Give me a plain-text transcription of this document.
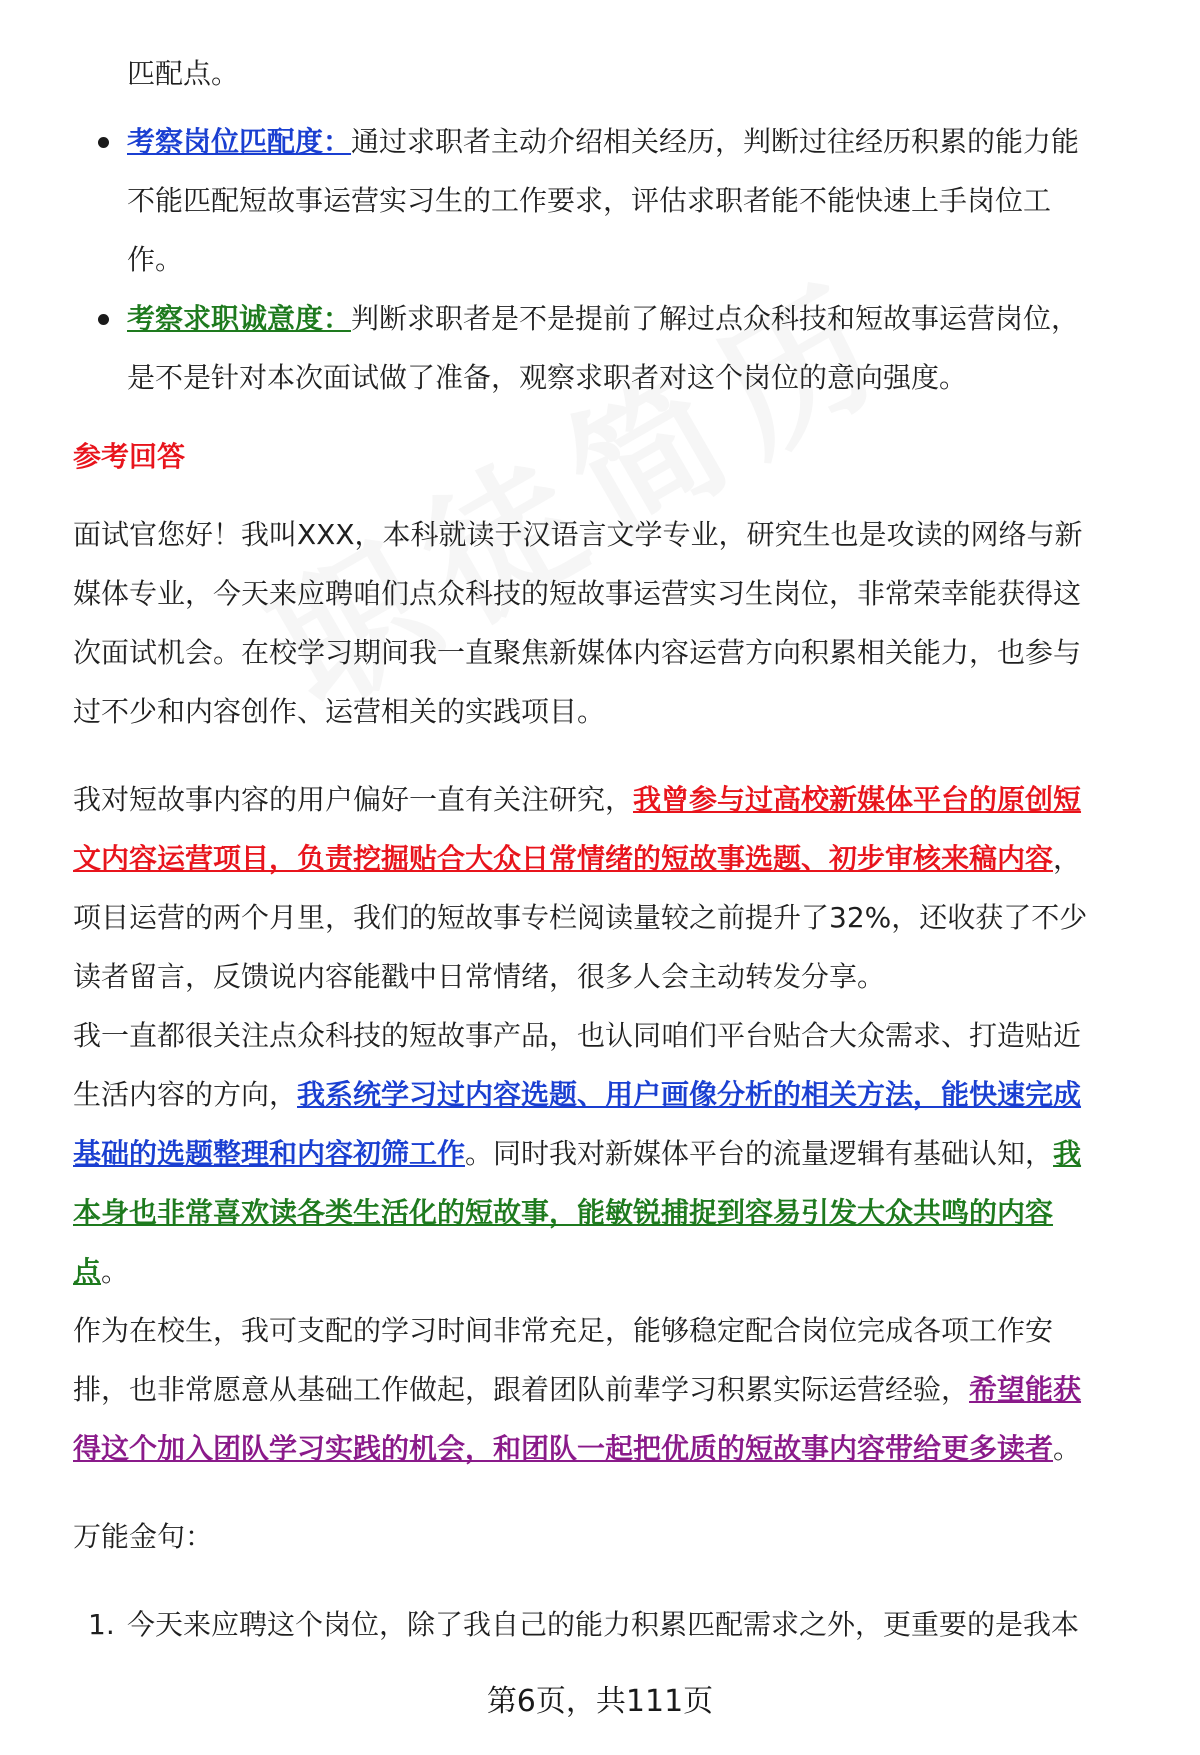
匹配点。
考察岗位匹配度：通过求职者主动介绍相关经历，判断过往经历积累的能力能
不能匹配短故事运营实习生的工作要求，评估求职者能不能快速上手岗位工
作。
考察求职诚意度：判断求职者是不是提前了解过点众科技和短故事运营岗位，
是不是针对本次面试做了准备，观察求职者对这个岗位的意向强度。
参考回答
面试官您好！我叫XXX，本科就读于汉语言文学专业，研究生也是攻读的网络与新
媒体专业，今天来应聘咱们点众科技的短故事运营实习生岗位，非常荣幸能获得这
次面试机会。在校学习期间我一直聚焦新媒体内容运营方向积累相关能力，也参与
过不少和内容创作、运营相关的实践项目。
我对短故事内容的用户偏好一直有关注研究，我曾参与过高校新媒体平台的原创短
文内容运营项目，负责挖掘贴合大众日常情绪的短故事选题、初步审核来稿内容，
项目运营的两个月里，我们的短故事专栏阅读量较之前提升了32%，还收获了不少
读者留言，反馈说内容能戳中日常情绪，很多人会主动转发分享。
我一直都很关注点众科技的短故事产品，也认同咱们平台贴合大众需求、打造贴近
生活内容的方向，我系统学习过内容选题、用户画像分析的相关方法，能快速完成
基础的选题整理和内容初筛工作。同时我对新媒体平台的流量逻辑有基础认知，我
本身也非常喜欢读各类生活化的短故事，能敏锐捕捉到容易引发大众共鸣的内容
点。
作为在校生，我可支配的学习时间非常充足，能够稳定配合岗位完成各项工作安
排，也非常愿意从基础工作做起，跟着团队前辈学习积累实际运营经验，希望能获
得这个加入团队学习实践的机会，和团队一起把优质的短故事内容带给更多读者。
万能金句：
1. 今天来应聘这个岗位，除了我自己的能力积累匹配需求之外，更重要的是我本
第6页，共111页
